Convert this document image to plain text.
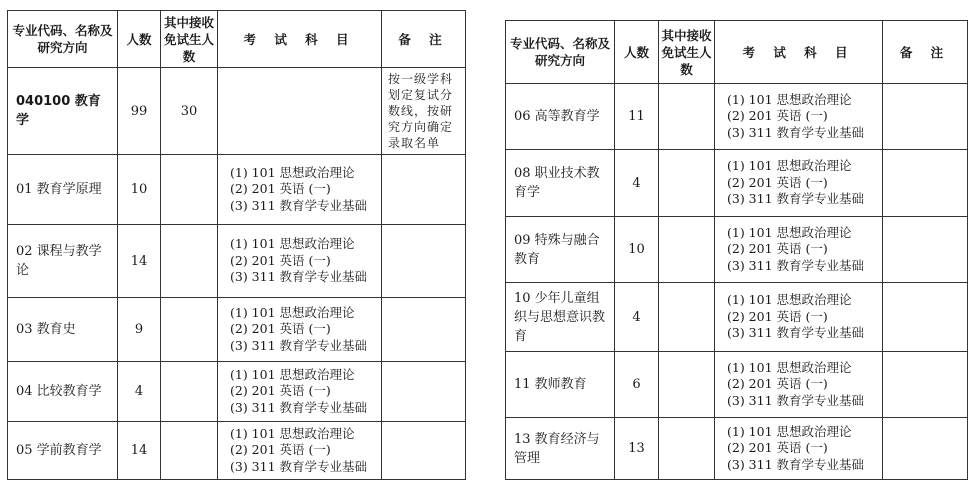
专业代码、名称及研究方向	人数	其中接收免试生人数	考 试 科 目	备 注
040100 教育学	99	30		按一级学科划定复试分数线，按研究方向确定录取名单
01 教育学原理	10		(1) 101 思想政治理论
(2) 201 英语 (一)
(3) 311 教育学专业基础	

02 课程与教学论	14		(1) 101 思想政治理论
(2) 201 英语 (一)
(3) 311 教育学专业基础	

03 教育史	9		(1) 101 思想政治理论
(2) 201 英语 (一)
(3) 311 教育学专业基础	

04 比较教育学	4		(1) 101 思想政治理论
(2) 201 英语 (一)
(3) 311 教育学专业基础	

05 学前教育学	14		(1) 101 思想政治理论
(2) 201 英语 (一)
(3) 311 教育学专业基础	

专业代码、名称及研究方向	人数	其中接收免试生人数	考 试 科 目	备 注
06 高等教育学	11		(1) 101 思想政治理论
(2) 201 英语 (一)
(3) 311 教育学专业基础	

08 职业技术教育学	4		(1) 101 思想政治理论
(2) 201 英语 (一)
(3) 311 教育学专业基础	

09 特殊与融合教育	10		(1) 101 思想政治理论
(2) 201 英语 (一)
(3) 311 教育学专业基础	

10 少年儿童组织与思想意识教育	4		(1) 101 思想政治理论
(2) 201 英语 (一)
(3) 311 教育学专业基础	

11 教师教育	6		(1) 101 思想政治理论
(2) 201 英语 (一)
(3) 311 教育学专业基础	

13 教育经济与管理	13		(1) 101 思想政治理论
(2) 201 英语 (一)
(3) 311 教育学专业基础	
